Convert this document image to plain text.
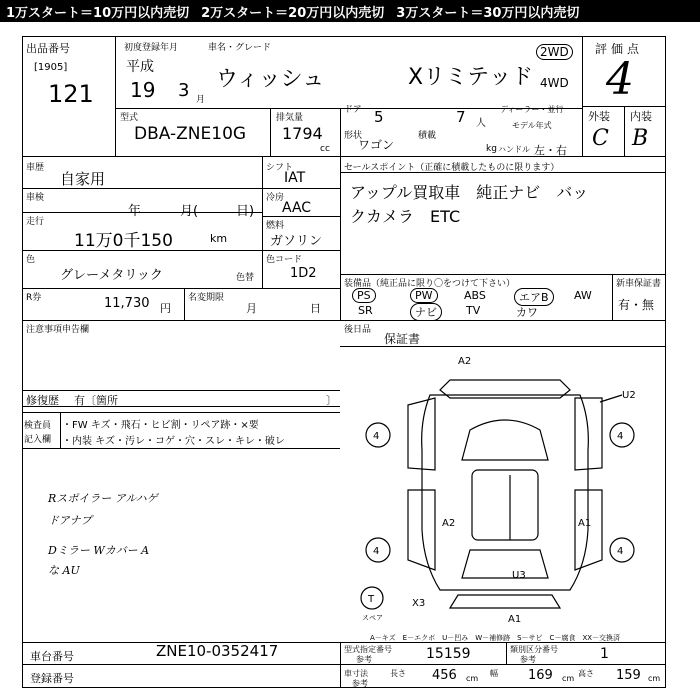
1万スタート＝10万円以内売切 2万スタート＝20万円以内売切 3万スタート＝30万円以内売切
出品番号
[1905]
121
初度登録年月
平成
19 3 月
車名・グレード
ウィッシュ	Xリミテッド
2WD
4WD
評価点
4
外装 内装
C B
型式
DBA-ZNE10G
排気量
1794
cc
ドア 5	7 人
ディーラー・並行
形状
ワゴン
積載
kg
モデル年式
ハンドル 左・右
車歴
自家用
車検
年	月(	日)
走行
11万0千150	km
シフト
IAT
冷房
AAC
燃料
ガソリン
色
グレーメタリック	色替
色コード
1D2
R券	11,730 円
名変期限
月	日
セールスポイント（正確に積載したものに限ります）
アップル買取車　純正ナビ　バッ
クカメラ　ETC
装備品（純正品に限り〇をつけて下さい）	新車保証書
有・無
PS	PW	ABS	エアB	AW
SR	ナビ	TV	カワ
注意事項申告欄
修復歴 有〔箇所	〕
後日品
保証書
検査員
記入欄
・FW キズ・飛石・ヒビ割・リペア跡・×要
・内装 キズ・汚レ・コゲ・穴・スレ・キレ・破レ
Rスポイラー アルハゲ
ドアナプ
Dミラー Wカバー A
な AU
4
4
4
4
A2
U2
A2	A1
U3
A1
X3
T
スペア
A－キズ　E－エクボ　U－凹み　W－補修跡　S－サビ　C－腐食　XX－交換済
車台番号	ZNE10-0352417
登録番号
型式指定番号
参考	15159	類別区分番号
参考	1
車寸法
参考
長さ 456 cm
幅 169 cm
高さ 159 cm
